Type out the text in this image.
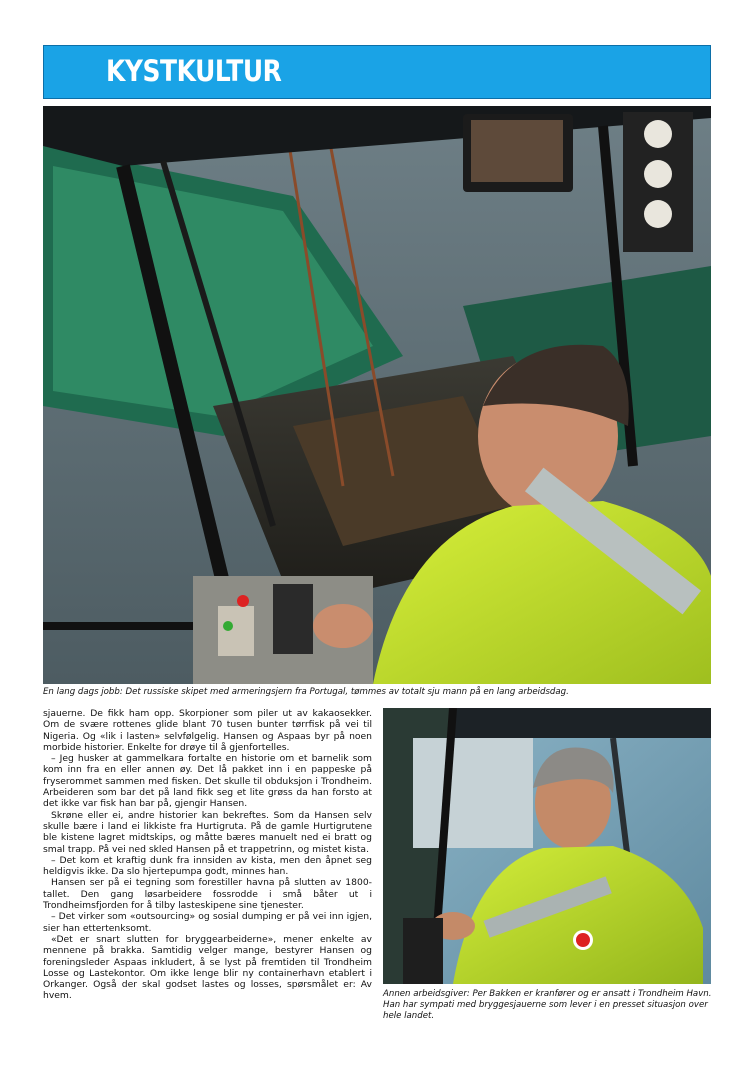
KYSTKULTUR

En lang dags jobb: Det russiske skipet med armeringsjern fra Portugal, tømmes av totalt sju mann på en lang arbeidsdag.

sjauerne. De fikk ham opp. Skorpioner som piler ut av kakaosekker. Om de svære rottenes glide blant 70 tusen bunter tørrfisk på vei til Nigeria. Og «lik i lasten» selvfølgelig. Hansen og Aspaas byr på noen morbide historier. Enkelte for drøye til å gjenfortelles.

– Jeg husker at gammelkara fortalte en historie om et barnelik som kom inn fra en eller annen øy. Det lå pakket inn i en pappeske på fryserommet sammen med fisken. Det skulle til obduksjon i Trondheim. Arbeideren som bar det på land fikk seg et lite grøss da han forsto at det ikke var fisk han bar på, gjengir Hansen.

Skrøne eller ei, andre historier kan bekreftes. Som da Hansen selv skulle bære i land ei likkiste fra Hurtigruta. På de gamle Hurtigrutene ble kistene lagret midtskips, og måtte bæres manuelt ned ei bratt og smal trapp. På vei ned skled Hansen på et trappetrinn, og mistet kista.

– Det kom et kraftig dunk fra innsiden av kista, men den åpnet seg heldigvis ikke. Da slo hjertepumpa godt, minnes han.

Hansen ser på ei tegning som forestiller havna på slutten av 1800-tallet. Den gang løsarbeidere fossrodde i små båter ut i Trondheimsfjorden for å tilby lasteskipene sine tjenester.

– Det virker som «outsourcing» og sosial dumping er på vei inn igjen, sier han ettertenksomt.

«Det er snart slutten for bryggearbeiderne», mener enkelte av mennene på brakka. Samtidig velger mange, bestyrer Hansen og foreningsleder Aspaas inkludert, å se lyst på fremtiden til Trondheim Losse og Lastekontor. Om ikke lenge blir ny containerhavn etablert i Orkanger. Også der skal godset lastes og losses, spørsmålet er: Av hvem.	Annen arbeidsgiver: Per Bakken er kranfører og er ansatt i Trondheim Havn. Han har sympati med bryggesjauerne som lever i en presset situasjon over hele landet.
